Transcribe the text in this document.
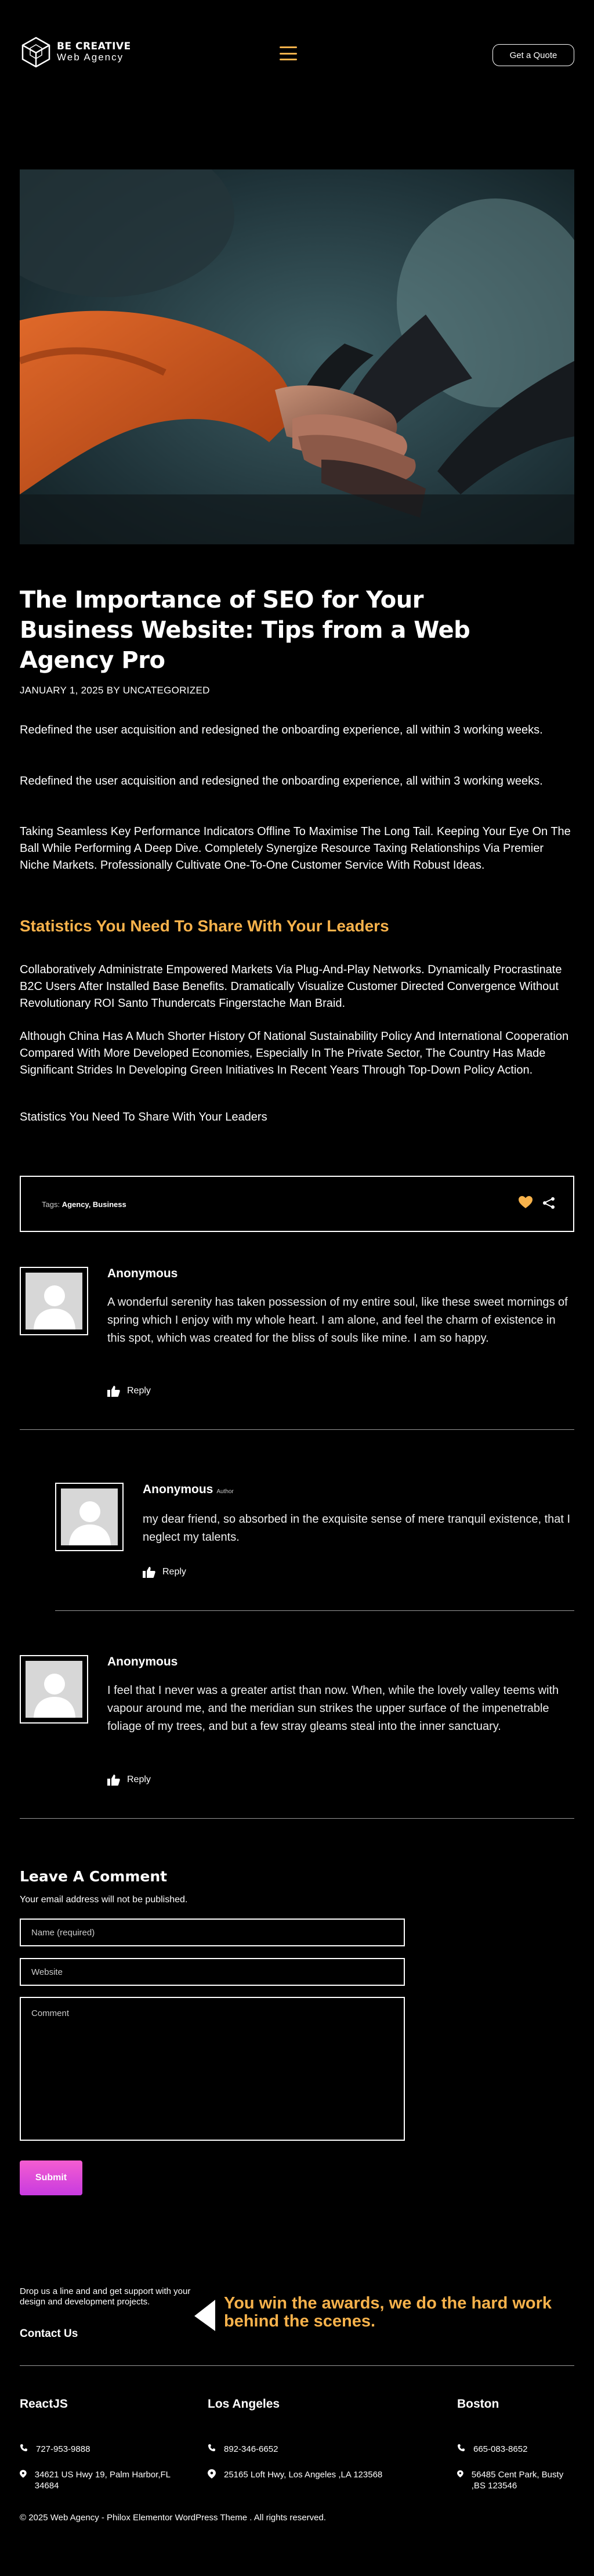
BE CREATIVE
Web Agency	Get a Quote
The Importance of SEO for Your Business Website: Tips from a Web Agency Pro
JANUARY 1, 2025 BY UNCATEGORIZED

Redefined the user acquisition and redesigned the onboarding experience, all within 3 working weeks.

Redefined the user acquisition and redesigned the onboarding experience, all within 3 working weeks.

Taking Seamless Key Performance Indicators Offline To Maximise The Long Tail. Keeping Your Eye On The Ball While Performing A Deep Dive. Completely Synergize Resource Taxing Relationships Via Premier Niche Markets. Professionally Cultivate One-To-One Customer Service With Robust Ideas.

Statistics You Need To Share With Your Leaders

Collaboratively Administrate Empowered Markets Via Plug-And-Play Networks. Dynamically Procrastinate B2C Users After Installed Base Benefits. Dramatically Visualize Customer Directed Convergence Without Revolutionary ROI Santo Thundercats Fingerstache Man Braid.

Although China Has A Much Shorter History Of National Sustainability Policy And International Cooperation Compared With More Developed Economies, Especially In The Private Sector, The Country Has Made Significant Strides In Developing Green Initiatives In Recent Years Through Top-Down Policy Action.

Statistics You Need To Share With Your Leaders

Tags: Agency, Business
Anonymous

A wonderful serenity has taken possession of my entire soul, like these sweet mornings of spring which I enjoy with my whole heart. I am alone, and feel the charm of existence in this spot, which was created for the bliss of souls like mine. I am so happy.

Reply
Anonymous Author

my dear friend, so absorbed in the exquisite sense of mere tranquil existence, that I neglect my talents.

Reply
Anonymous

I feel that I never was a greater artist than now. When, while the lovely valley teems with vapour around me, and the meridian sun strikes the upper surface of the impenetrable foliage of my trees, and but a few stray gleams steal into the inner sanctuary.

Reply
Leave A Comment
Your email address will not be published.
Name (required)
Website
Comment
Submit

Drop us a line and and get support with your design and development projects.

Contact Us
You win the awards, we do the hard work behind the scenes.
ReactJS
727-953-9888
34621 US Hwy 19, Palm Harbor,FL 34684
Los Angeles
892-346-6652
25165 Loft Hwy, Los Angeles ,LA 123568
Boston
665-083-8652
56485 Cent Park, Busty ,BS 123546
© 2025 Web Agency - Philox Elementor WordPress Theme . All rights reserved.
